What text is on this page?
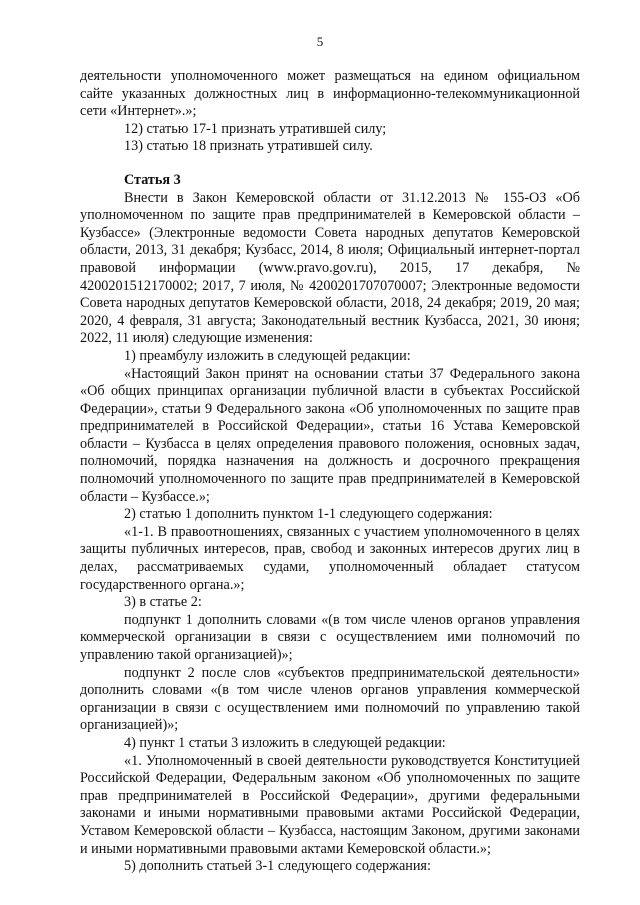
5

деятельности уполномоченного может размещаться на едином официальном сайте указанных должностных лиц в информационно-телекоммуникационной сети «Интернет».»;

12) статью 17-1 признать утратившей силу;

13) статью 18 признать утратившей силу.

Статья 3

Внести в Закон Кемеровской области от 31.12.2013 № 155-ОЗ «Об уполномоченном по защите прав предпринимателей в Кемеровской области – Кузбассе» (Электронные ведомости Совета народных депутатов Кемеровской области, 2013, 31 декабря; Кузбасс, 2014, 8 июля; Официальный интернет-портал правовой информации (www.pravo.gov.ru), 2015, 17 декабря, № 4200201512170002; 2017, 7 июля, № 4200201707070007; Электронные ведомости Совета народных депутатов Кемеровской области, 2018, 24 декабря; 2019, 20 мая; 2020, 4 февраля, 31 августа; Законодательный вестник Кузбасса, 2021, 30 июня; 2022, 11 июля) следующие изменения:

1) преамбулу изложить в следующей редакции:

«Настоящий Закон принят на основании статьи 37 Федерального закона «Об общих принципах организации публичной власти в субъектах Российской Федерации», статьи 9 Федерального закона «Об уполномоченных по защите прав предпринимателей в Российской Федерации», статьи 16 Устава Кемеровской области – Кузбасса в целях определения правового положения, основных задач, полномочий, порядка назначения на должность и досрочного прекращения полномочий уполномоченного по защите прав предпринимателей в Кемеровской области – Кузбассе.»;

2) статью 1 дополнить пунктом 1-1 следующего содержания:

«1-1. В правоотношениях, связанных с участием уполномоченного в целях защиты публичных интересов, прав, свобод и законных интересов других лиц в делах, рассматриваемых судами, уполномоченный обладает статусом государственного органа.»;

3) в статье 2:

подпункт 1 дополнить словами «(в том числе членов органов управления коммерческой организации в связи с осуществлением ими полномочий по управлению такой организацией)»;

подпункт 2 после слов «субъектов предпринимательской деятельности» дополнить словами «(в том числе членов органов управления коммерческой организации в связи с осуществлением ими полномочий по управлению такой организацией)»;

4) пункт 1 статьи 3 изложить в следующей редакции:

«1. Уполномоченный в своей деятельности руководствуется Конституцией Российской Федерации, Федеральным законом «Об уполномоченных по защите прав предпринимателей в Российской Федерации», другими федеральными законами и иными нормативными правовыми актами Российской Федерации, Уставом Кемеровской области – Кузбасса, настоящим Законом, другими законами и иными нормативными правовыми актами Кемеровской области.»;

5) дополнить статьей 3-1 следующего содержания:
